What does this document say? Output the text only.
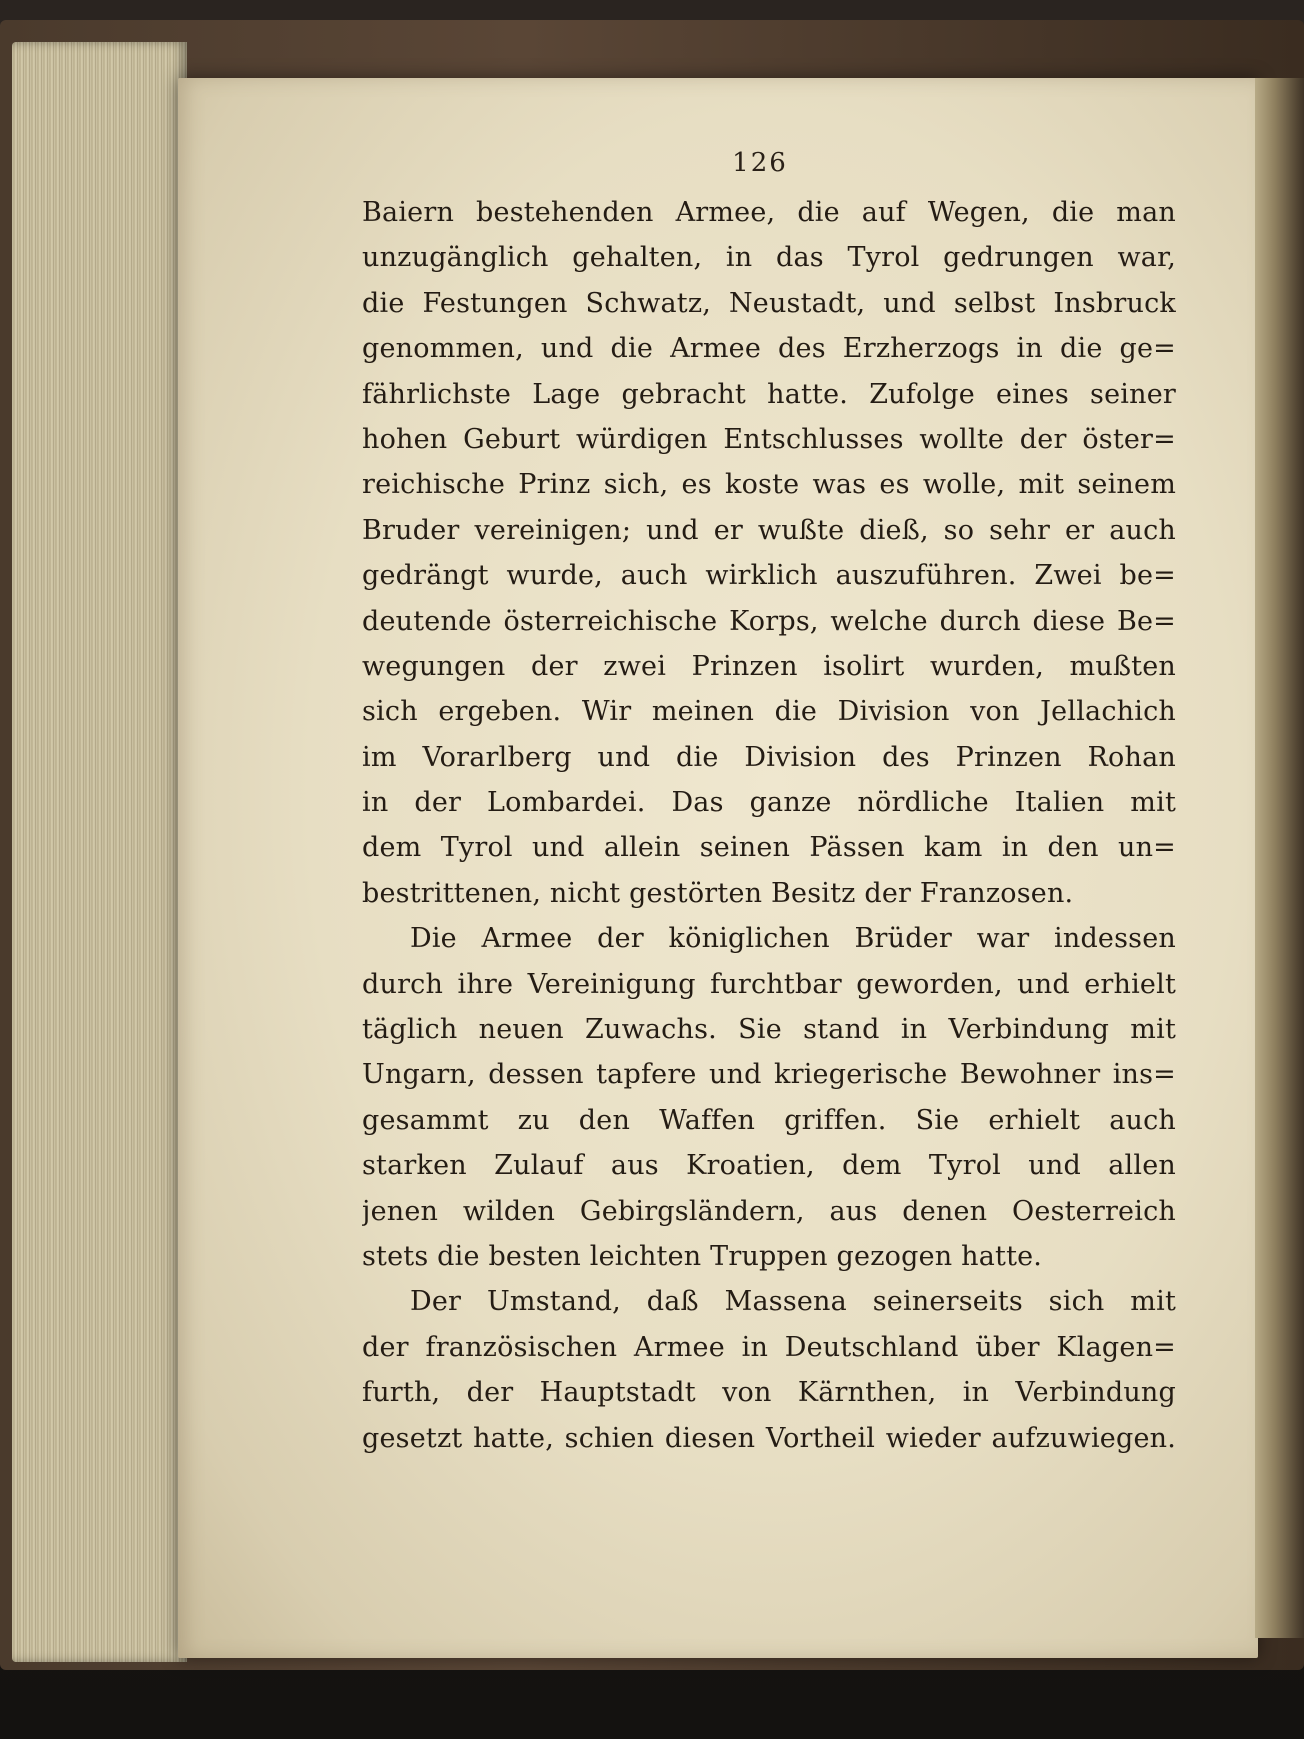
126
Baiern bestehenden Armee, die auf Wegen, die man
unzugänglich gehalten, in das Tyrol gedrungen war,
die Festungen Schwatz, Neustadt, und selbst Insbruck
genommen, und die Armee des Erzherzogs in die ge=
fährlichste Lage gebracht hatte. Zufolge eines seiner
hohen Geburt würdigen Entschlusses wollte der öster=
reichische Prinz sich, es koste was es wolle, mit seinem
Bruder vereinigen; und er wußte dieß, so sehr er auch
gedrängt wurde, auch wirklich auszuführen. Zwei be=
deutende österreichische Korps, welche durch diese Be=
wegungen der zwei Prinzen isolirt wurden, mußten
sich ergeben. Wir meinen die Division von Jellachich
im Vorarlberg und die Division des Prinzen Rohan
in der Lombardei. Das ganze nördliche Italien mit
dem Tyrol und allein seinen Pässen kam in den un=
bestrittenen, nicht gestörten Besitz der Franzosen.
Die Armee der königlichen Brüder war indessen
durch ihre Vereinigung furchtbar geworden, und erhielt
täglich neuen Zuwachs. Sie stand in Verbindung mit
Ungarn, dessen tapfere und kriegerische Bewohner ins=
gesammt zu den Waffen griffen. Sie erhielt auch
starken Zulauf aus Kroatien, dem Tyrol und allen
jenen wilden Gebirgsländern, aus denen Oesterreich
stets die besten leichten Truppen gezogen hatte.
Der Umstand, daß Massena seinerseits sich mit
der französischen Armee in Deutschland über Klagen=
furth, der Hauptstadt von Kärnthen, in Verbindung
gesetzt hatte, schien diesen Vortheil wieder aufzuwiegen.
